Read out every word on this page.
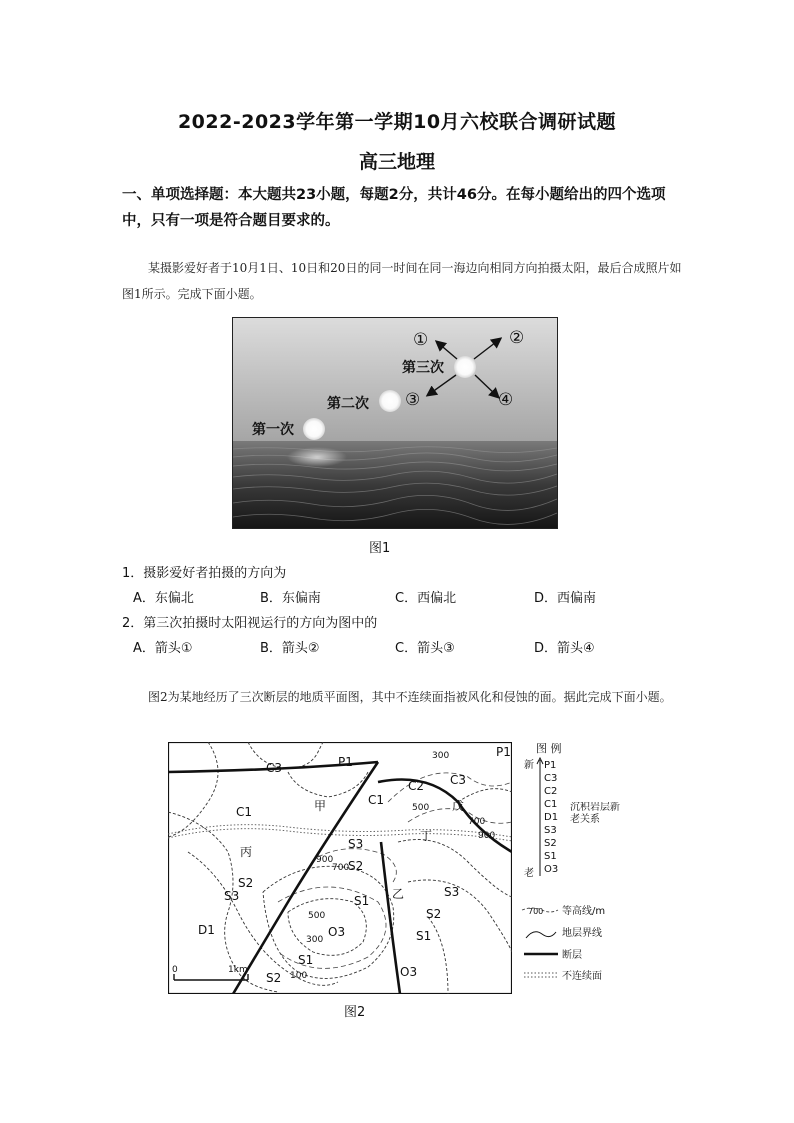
2022-2023学年第一学期10月六校联合调研试题
高三地理
一、单项选择题：本大题共23小题，每题2分，共计46分。在每小题给出的四个选项中，只有一项是符合题目要求的。
某摄影爱好者于10月1日、10日和20日的同一时间在同一海边向相同方向拍摄太阳，最后合成照片如图1所示。完成下面小题。
第一次
第二次
第三次
①	②
③	④
图1
1．摄影爱好者拍摄的方向为
A．东偏北	B．东偏南	C．西偏北	D．西偏南
2．第三次拍摄时太阳视运行的方向为图中的
A．箭头①	B．箭头②	C．箭头③	D．箭头④
图2为某地经历了三次断层的地质平面图，其中不连续面指被风化和侵蚀的面。据此完成下面小题。
0	1km
C3	P1
C1
C2 C3
C1
S3
S2
S3
S2
S1
S3
S2
S1
D1	O3
S1
O3
S2
P1
甲
乙
丙
丁
戊
300
500
700
900
900
700
500
300
100
图 例
新
老
P1
C3
C2
C1
D1
S3
S2
S1
O3
沉积岩层新老关系
700 等高线/m
地层界线
断层
不连续面
图2
